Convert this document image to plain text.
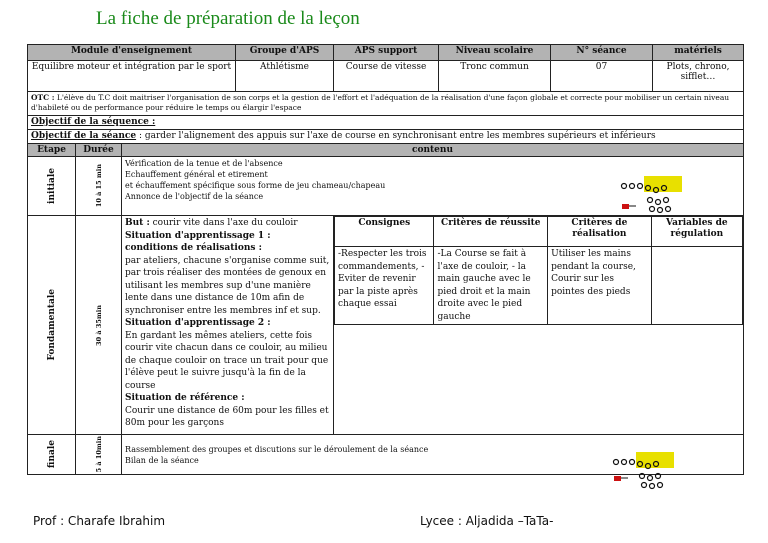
La fiche de préparation de la leçon
Module d'enseignement	Groupe d'APS	APS support	Niveau scolaire	N° séance	matériels
Equilibre moteur et intégration par le sport	Athlétisme	Course de vitesse	Tronc commun	07	Plots, chrono, sifflet…
OTC : L'élève du T.C doit maitriser l'organisation de son corps et la gestion de l'effort et l'adéquation de la réalisation d'une façon globale et correcte pour mobiliser un certain niveau d'habileté ou de performance pour réduire le temps ou élargir l'espace
Objectif de la séquence :
Objectif de la séance : garder l'alignement des appuis sur l'axe de course en synchronisant entre les membres supérieurs et inférieurs
Etape	Durée	contenu

initiale	10 à 15 min

Vérification de la tenue et de l'absence
Echauffement général et etirement
et échauffement spécifique sous forme de jeu chameau/chapeau
Annonce de l'objectif de la séance

Fondamentale	30 à 35min
	But : courir vite dans l'axe du couloir
Situation d'apprentissage 1 :
conditions de réalisations :
par ateliers, chacune s'organise comme suit, par trois réaliser des montées de genoux en utilisant les membres sup d'une manière lente dans une distance de 10m afin de synchroniser entre les membres inf et sup.
Situation d'apprentissage 2 :
En gardant les mêmes ateliers, cette fois courir vite chacun dans ce couloir, au milieu de chaque couloir on trace un trait pour que l'élève peut le suivre jusqu'à la fin de la course
Situation de référence :
Courir une distance de 60m pour les filles et 80m pour les garçons	
Consignes	Critères de réussite	Critères de réalisation	Variables de régulation
-Respecter les trois commandements, -Eviter de revenir par la piste après chaque essai	-La Course se fait à l'axe de couloir, - la main gauche avec le pied droit et la main droite avec le pied gauche	Utiliser les mains pendant la course, Courir sur les pointes des pieds	

finale	5 à 10min	Rassemblement des groupes et discutions sur le déroulement de la séance
Bilan de la séance
Prof : Charafe Ibrahim	Lycee : Aljadida –TaTa-
